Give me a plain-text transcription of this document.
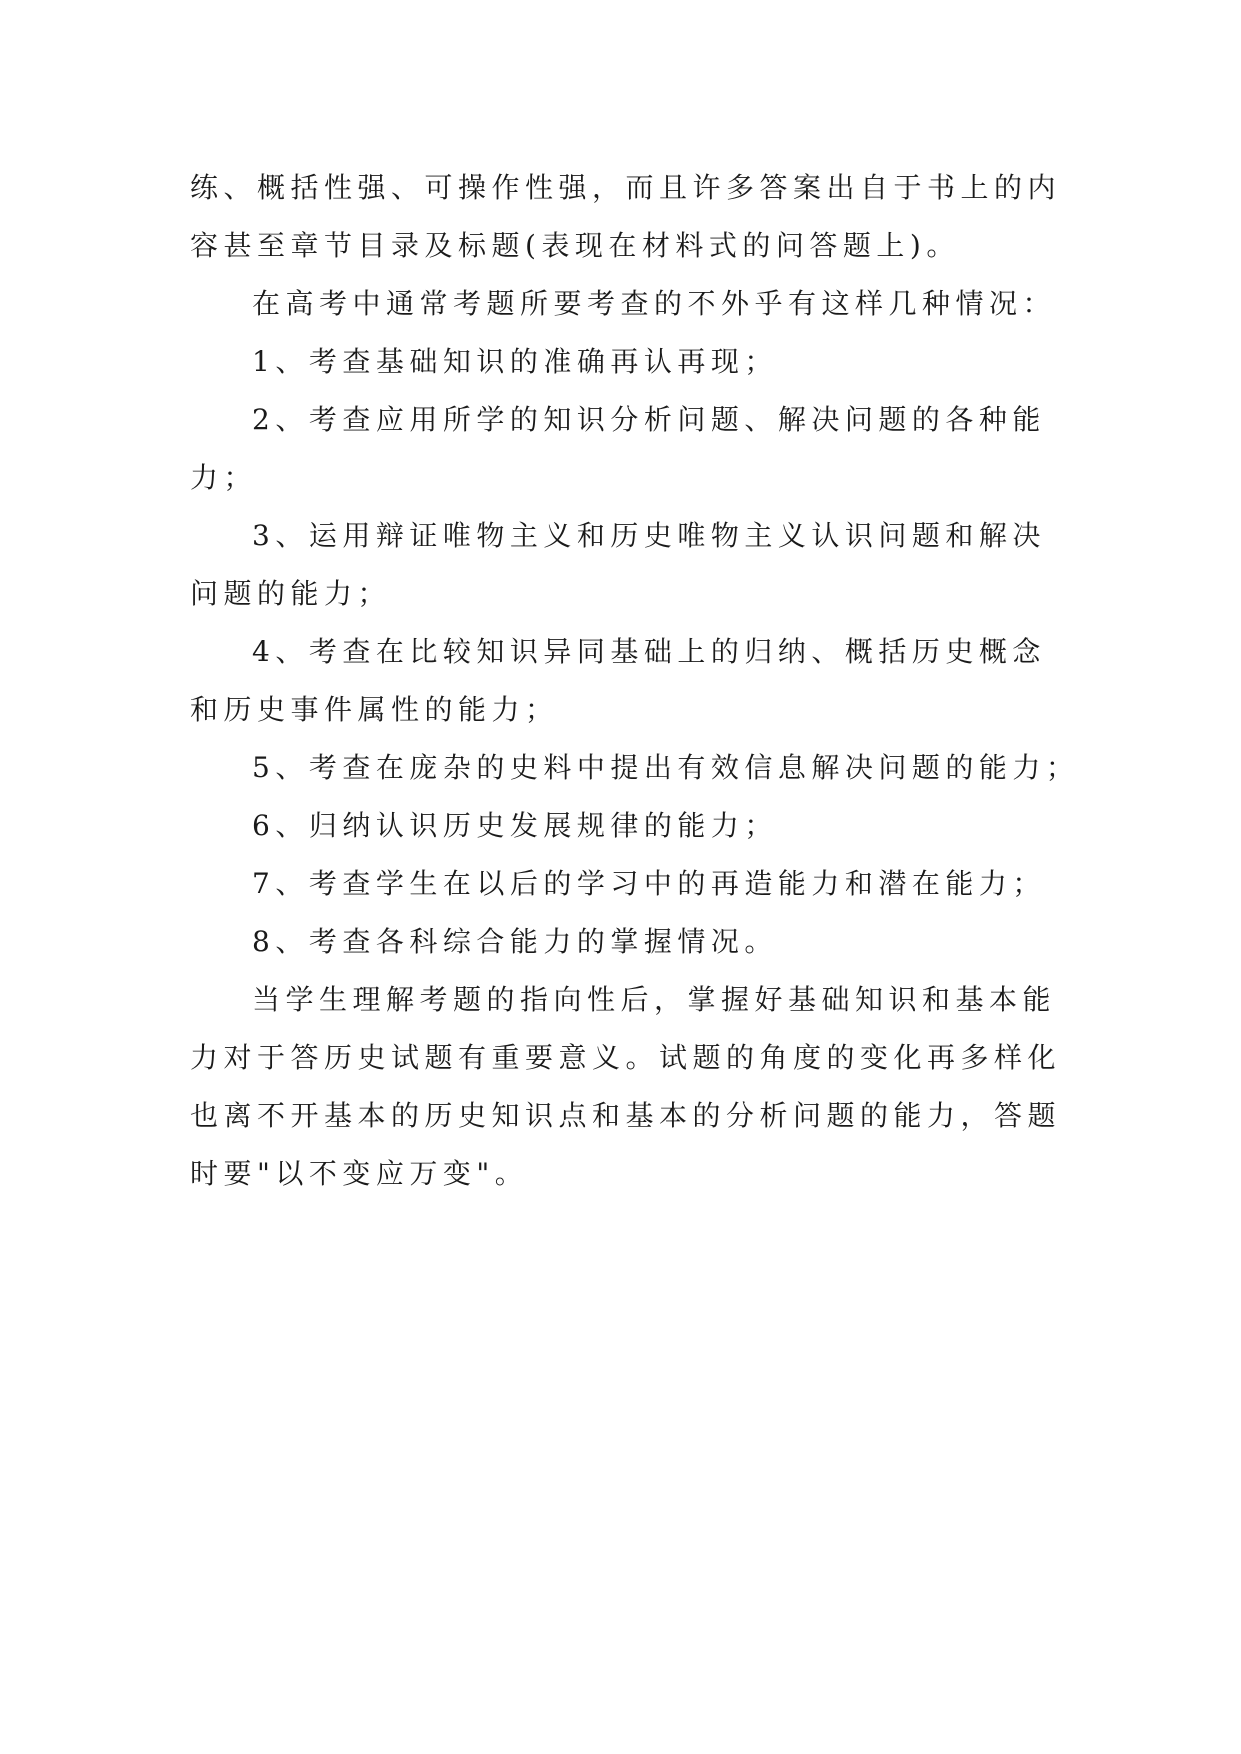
练、概括性强、可操作性强，而且许多答案出自于书上的内
容甚至章节目录及标题(表现在材料式的问答题上)。
在高考中通常考题所要考查的不外乎有这样几种情况：
1、考查基础知识的准确再认再现；
2、考查应用所学的知识分析问题、解决问题的各种能
力；
3、运用辩证唯物主义和历史唯物主义认识问题和解决
问题的能力；
4、考查在比较知识异同基础上的归纳、概括历史概念
和历史事件属性的能力；
5、考查在庞杂的史料中提出有效信息解决问题的能力；
6、归纳认识历史发展规律的能力；
7、考查学生在以后的学习中的再造能力和潜在能力；
8、考查各科综合能力的掌握情况。
当学生理解考题的指向性后，掌握好基础知识和基本能
力对于答历史试题有重要意义。试题的角度的变化再多样化
也离不开基本的历史知识点和基本的分析问题的能力，答题
时要"以不变应万变"。
